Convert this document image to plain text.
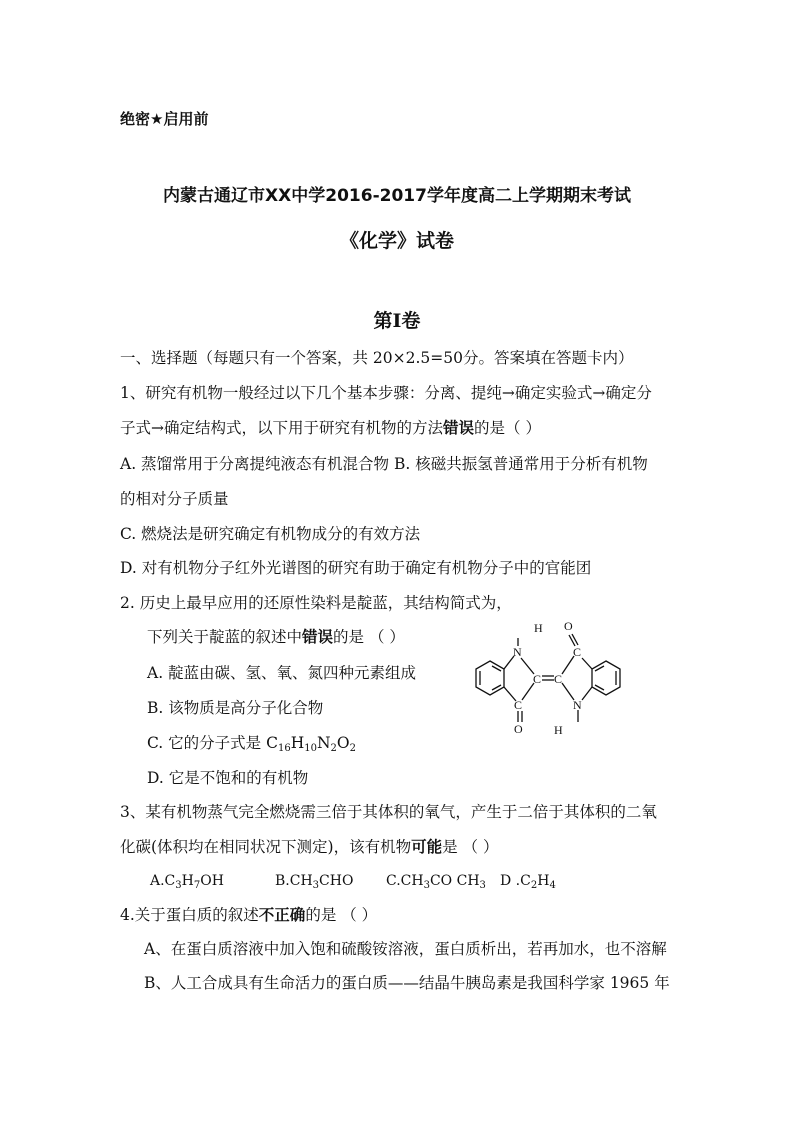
绝密★启用前
内蒙古通辽市XX中学2016-2017学年度高二上学期期末考试
《化学》试卷
第I卷
一、选择题（每题只有一个答案，共 20×2.5=50分。答案填在答题卡内）
1、研究有机物一般经过以下几个基本步骤：分离、提纯→确定实验式→确定分
子式→确定结构式，以下用于研究有机物的方法错误的是（ ）
A. 蒸馏常用于分离提纯液态有机混合物 B. 核磁共振氢普通常用于分析有机物
的相对分子质量
C. 燃烧法是研究确定有机物成分的有效方法
D. 对有机物分子红外光谱图的研究有助于确定有机物分子中的官能团
2. 历史上最早应用的还原性染料是靛蓝，其结构简式为，
下列关于靛蓝的叙述中错误的是 （ ）
A. 靛蓝由碳、氢、氧、氮四种元素组成
B. 该物质是高分子化合物
C. 它的分子式是 $C_{16}H_{10}N_2O_2$
D. 它是不饱和的有机物
H
N
O
C
C C
C	N
O	H
3、某有机物蒸气完全燃烧需三倍于其体积的氧气，产生于二倍于其体积的二氧
化碳(体积均在相同状况下测定)，该有机物可能是 （ ）
$A.C_3H_7OH$	$B.CH_3CHO$ $C.CH_3CO$ $CH_3$ D $.C_2H_4$
4.关于蛋白质的叙述不正确的是 （ ）
A、在蛋白质溶液中加入饱和硫酸铵溶液，蛋白质析出，若再加水，也不溶解
B、人工合成具有生命活力的蛋白质——结晶牛胰岛素是我国科学家 1965 年
